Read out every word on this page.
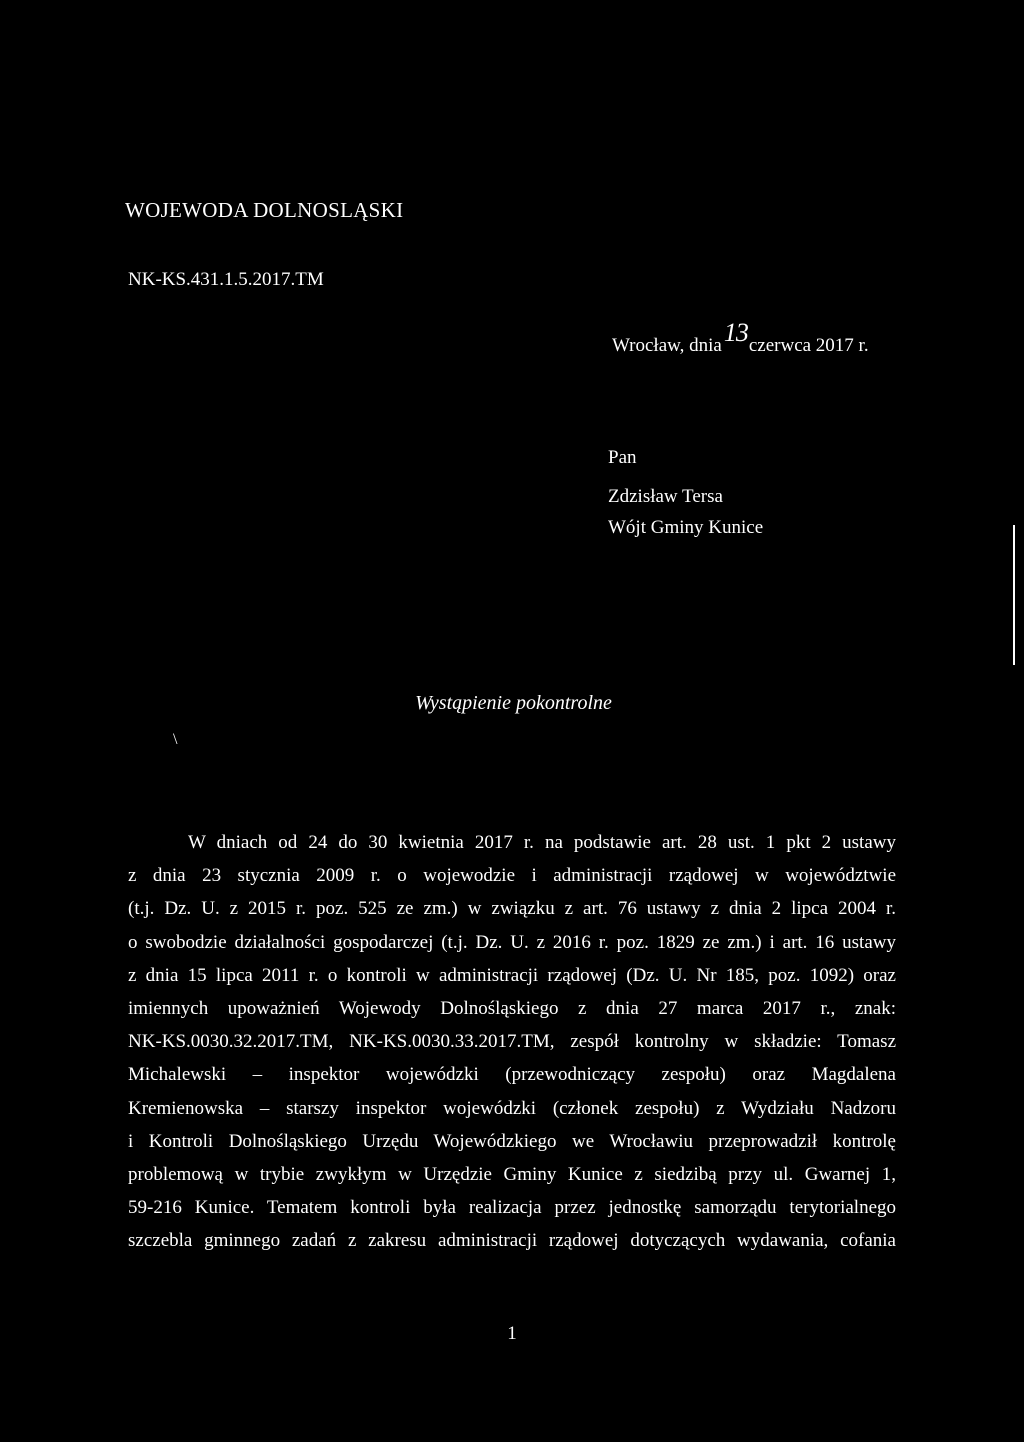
WOJEWODA DOLNOSLĄSKI
NK-KS.431.1.5.2017.TM
Wrocław, dnia13czerwca 2017 r.
Pan
Zdzisław Tersa
Wójt Gminy Kunice
Wystąpienie pokontrolne
\
W dniach od 24 do 30 kwietnia 2017 r. na podstawie art. 28 ust. 1 pkt 2 ustawy
z dnia 23 stycznia 2009 r. o wojewodzie i administracji rządowej w województwie
(t.j. Dz. U. z 2015 r. poz. 525 ze zm.) w związku z art. 76 ustawy z dnia 2 lipca 2004 r.
o swobodzie działalności gospodarczej (t.j. Dz. U. z 2016 r. poz. 1829 ze zm.) i art. 16 ustawy
z dnia 15 lipca 2011 r. o kontroli w administracji rządowej (Dz. U. Nr 185, poz. 1092) oraz
imiennych upoważnień Wojewody Dolnośląskiego z dnia 27 marca 2017 r., znak:
NK-KS.0030.32.2017.TM, NK-KS.0030.33.2017.TM, zespół kontrolny w składzie: Tomasz
Michalewski – inspektor wojewódzki (przewodniczący zespołu) oraz Magdalena
Kremienowska – starszy inspektor wojewódzki (członek zespołu) z Wydziału Nadzoru
i Kontroli Dolnośląskiego Urzędu Wojewódzkiego we Wrocławiu przeprowadził kontrolę
problemową w trybie zwykłym w Urzędzie Gminy Kunice z siedzibą przy ul. Gwarnej 1,
59-216 Kunice. Tematem kontroli była realizacja przez jednostkę samorządu terytorialnego
szczebla gminnego zadań z zakresu administracji rządowej dotyczących wydawania, cofania
1
